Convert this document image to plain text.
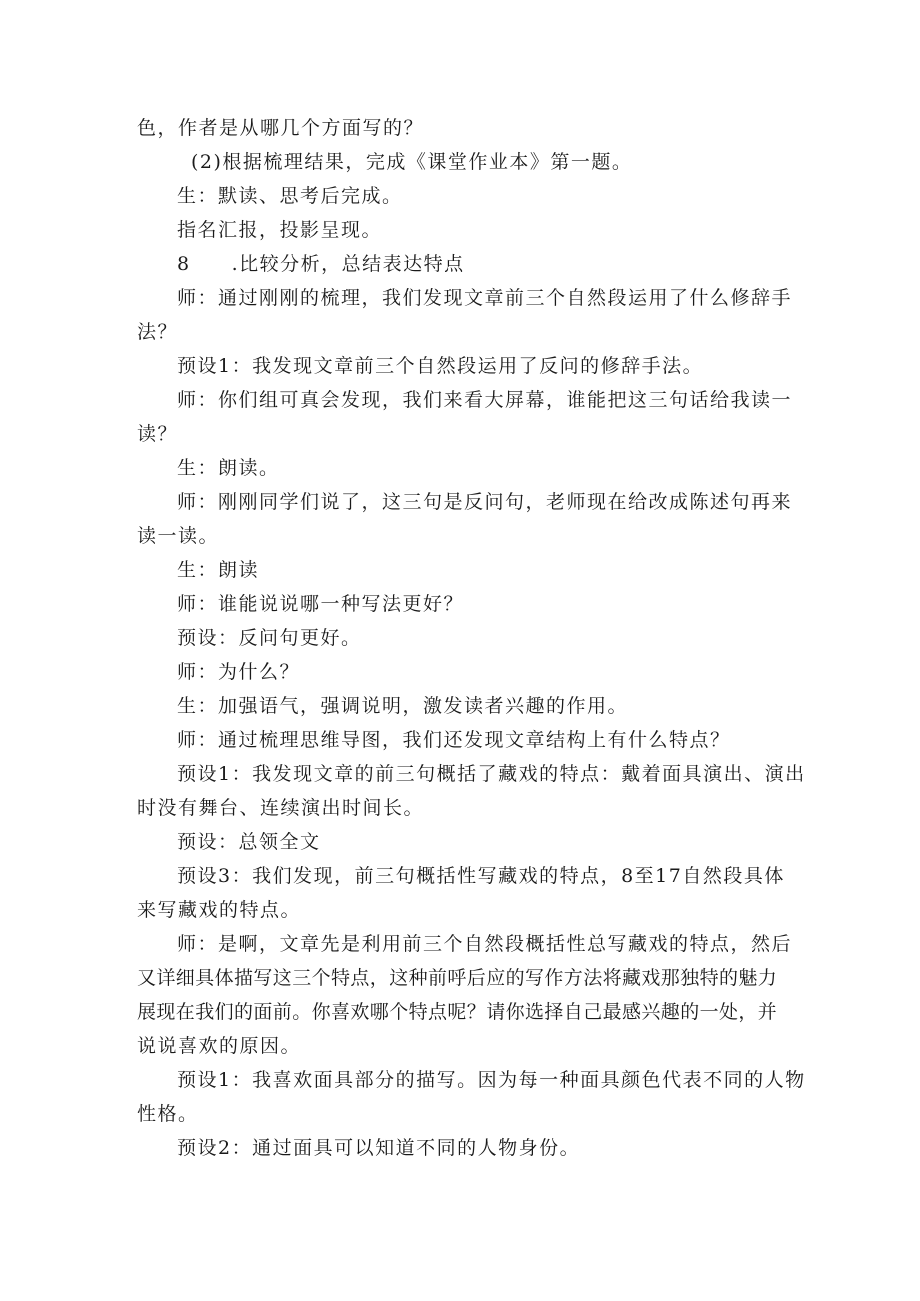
色，作者是从哪几个方面写的？
(2)根据梳理结果，完成《课堂作业本》第一题。
生：默读、思考后完成。
指名汇报，投影呈现。
8　　.比较分析，总结表达特点
师：通过刚刚的梳理，我们发现文章前三个自然段运用了什么修辞手
法？
预设1：我发现文章前三个自然段运用了反问的修辞手法。
师：你们组可真会发现，我们来看大屏幕，谁能把这三句话给我读一
读？
生：朗读。
师：刚刚同学们说了，这三句是反问句，老师现在给改成陈述句再来
读一读。
生：朗读
师：谁能说说哪一种写法更好？
预设：反问句更好。
师：为什么？
生：加强语气，强调说明，激发读者兴趣的作用。
师：通过梳理思维导图，我们还发现文章结构上有什么特点？
预设1：我发现文章的前三句概括了藏戏的特点：戴着面具演出、演出
时没有舞台、连续演出时间长。
预设：总领全文
预设3：我们发现，前三句概括性写藏戏的特点，8至17自然段具体
来写藏戏的特点。
师：是啊，文章先是利用前三个自然段概括性总写藏戏的特点，然后
又详细具体描写这三个特点，这种前呼后应的写作方法将藏戏那独特的魅力
展现在我们的面前。你喜欢哪个特点呢？请你选择自己最感兴趣的一处，并
说说喜欢的原因。
预设1：我喜欢面具部分的描写。因为每一种面具颜色代表不同的人物
性格。
预设2：通过面具可以知道不同的人物身份。
